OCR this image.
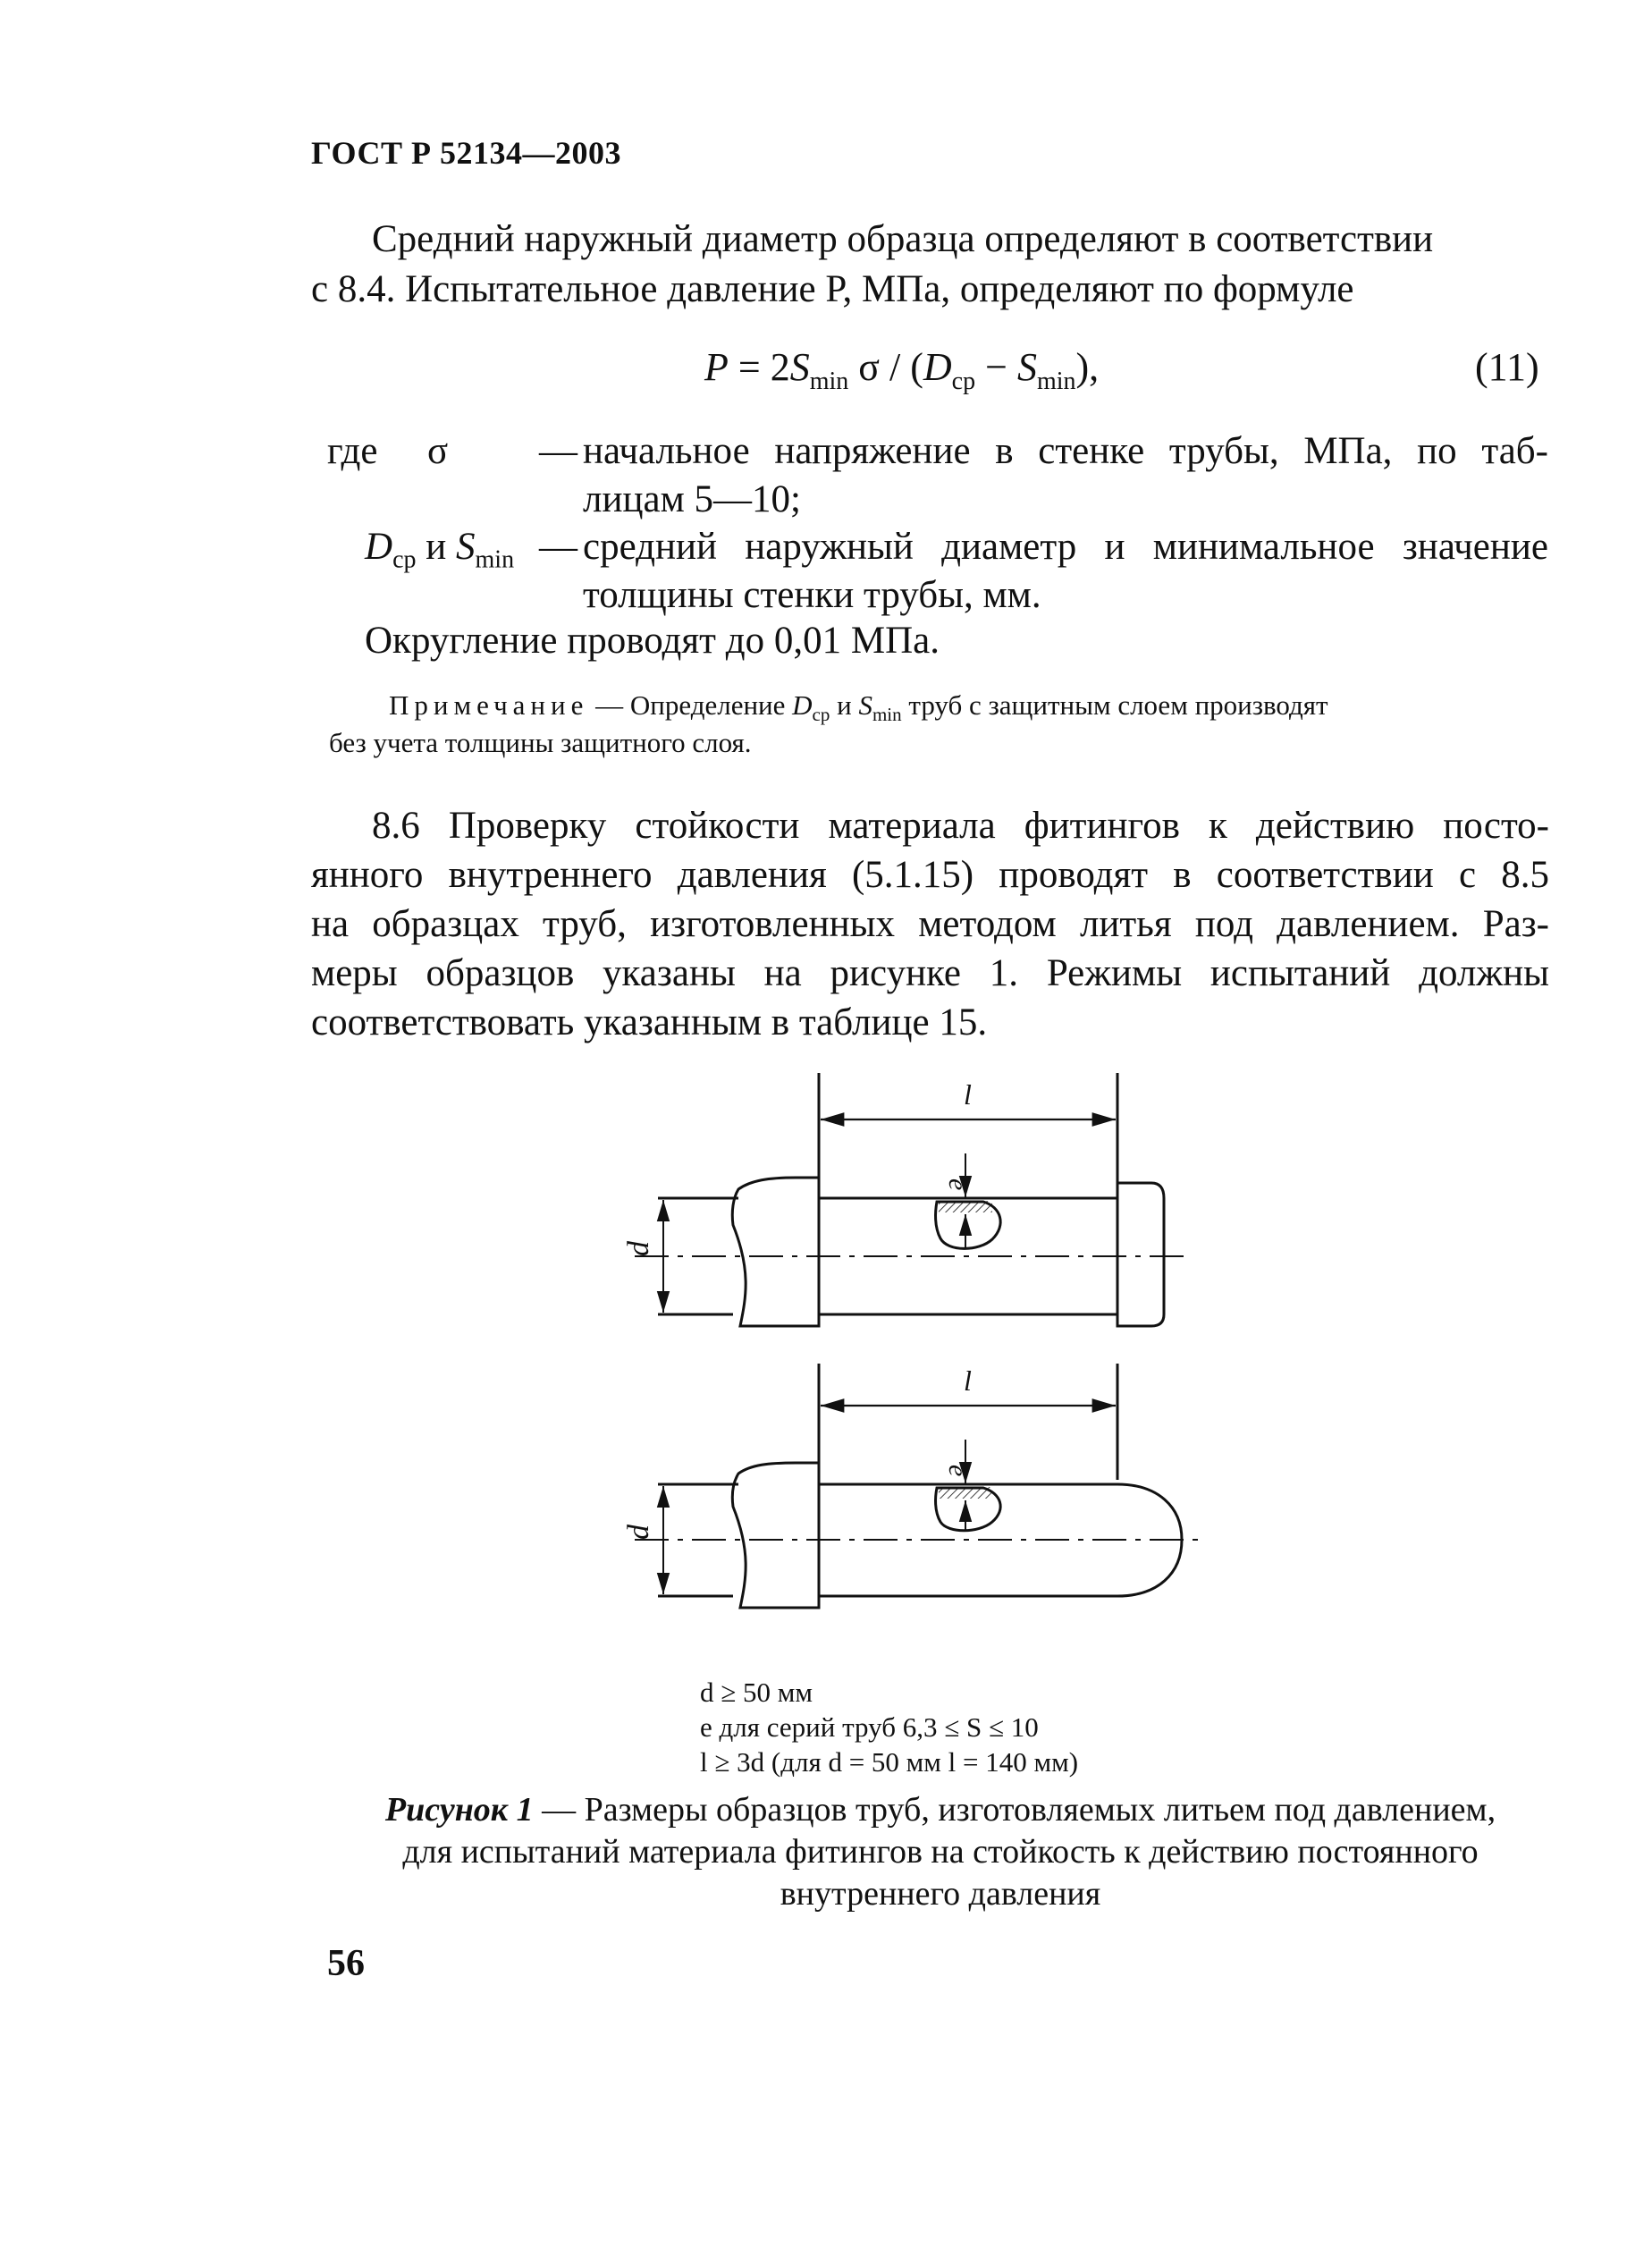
ГОСТ Р 52134—2003
Средний наружный диаметр образца определяют в соответствии
с 8.4. Испытательное давление P, МПа, определяют по формуле
$P = 2S_{min}$ $\sigma / (D_{ср} - S_{min})$,	(11)
где σ — начальное напряжение в стенке трубы, МПа, по таб-
лицам 5—10;
$D_{ср}$ и $S_{min}$ — средний наружный диаметр и минимальное значение
толщины стенки трубы, мм.
Округление проводят до 0,01 МПа.
Примечание — Определение $D_{ср}$ и $S_{min}$ труб с защитным слоем производят
без учета толщины защитного слоя.
8.6 Проверку стойкости материала фитингов к действию посто-
янного внутреннего давления (5.1.15) проводят в соответствии с 8.5
на образцах труб, изготовленных методом литья под давлением. Раз-
меры образцов указаны на рисунке 1. Режимы испытаний должны
соответствовать указанным в таблице 15.
l
l
e
e
d
d
d ≥ 50 мм
e для серий труб 6,3 ≤ S ≤ 10
l ≥ 3d (для d = 50 мм l = 140 мм)
Рисунок 1 — Размеры образцов труб, изготовляемых литьем под давлением,
для испытаний материала фитингов на стойкость к действию постоянного
внутреннего давления
56
